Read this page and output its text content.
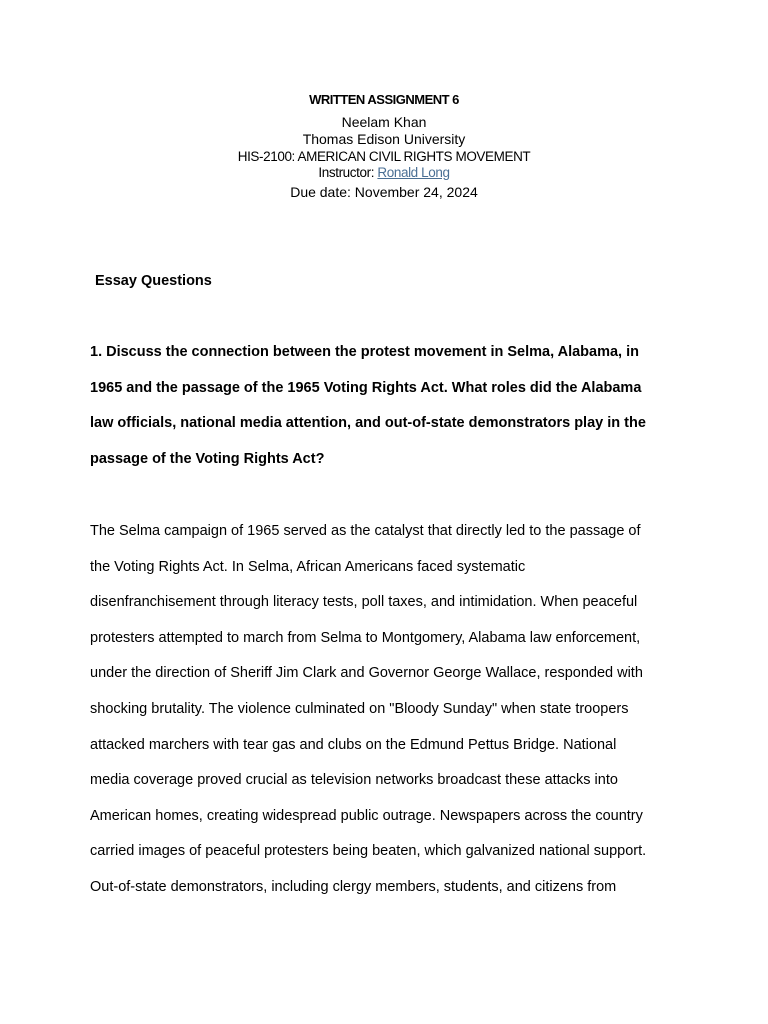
WRITTEN ASSIGNMENT 6
Neelam Khan
Thomas Edison University
HIS-2100: AMERICAN CIVIL RIGHTS MOVEMENT
Instructor: Ronald Long
Due date: November 24, 2024
Essay Questions
1. Discuss the connection between the protest movement in Selma, Alabama, in
1965 and the passage of the 1965 Voting Rights Act. What roles did the Alabama
law officials, national media attention, and out-of-state demonstrators play in the
passage of the Voting Rights Act?
The Selma campaign of 1965 served as the catalyst that directly led to the passage of
the Voting Rights Act. In Selma, African Americans faced systematic
disenfranchisement through literacy tests, poll taxes, and intimidation. When peaceful
protesters attempted to march from Selma to Montgomery, Alabama law enforcement,
under the direction of Sheriff Jim Clark and Governor George Wallace, responded with
shocking brutality. The violence culminated on "Bloody Sunday" when state troopers
attacked marchers with tear gas and clubs on the Edmund Pettus Bridge. National
media coverage proved crucial as television networks broadcast these attacks into
American homes, creating widespread public outrage. Newspapers across the country
carried images of peaceful protesters being beaten, which galvanized national support.
Out-of-state demonstrators, including clergy members, students, and citizens from
